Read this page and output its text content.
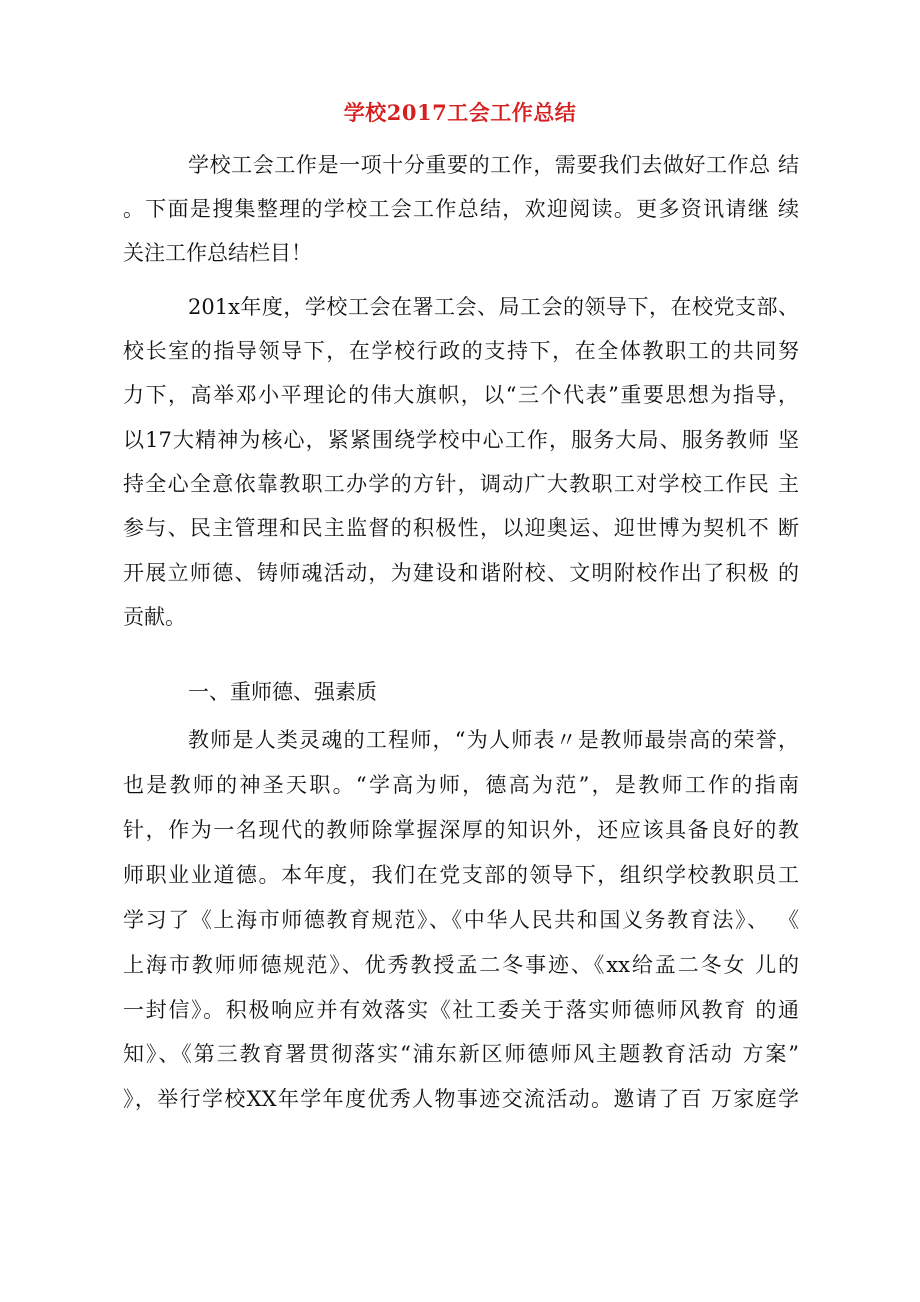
学校2017工会工作总结
学校工会工作是一项十分重要的工作，需要我们去做好工作总 结
。下面是搜集整理的学校工会工作总结，欢迎阅读。更多资讯请继 续
关注工作总结栏目！
201x年度，学校工会在署工会、局工会的领导下，在校党支部、
校长室的指导领导下，在学校行政的支持下，在全体教职工的共同努
力下，高举邓小平理论的伟大旗帜，以“三个代表”重要思想为指导，
以17大精神为核心，紧紧围绕学校中心工作，服务大局、服务教师 坚
持全心全意依靠教职工办学的方针，调动广大教职工对学校工作民 主
参与、民主管理和民主监督的积极性，以迎奥运、迎世博为契机不 断
开展立师德、铸师魂活动，为建设和谐附校、文明附校作出了积极 的
贡献。
一、重师德、强素质
教师是人类灵魂的工程师，“为人师表〃是教师最崇高的荣誉，
也是教师的神圣天职。“学高为师，德高为范”，是教师工作的指南
针，作为一名现代的教师除掌握深厚的知识外，还应该具备良好的教
师职业业道德。本年度，我们在党支部的领导下，组织学校教职员工
学习了《上海市师德教育规范》、《中华人民共和国义务教育法》、 《
上海市教师师德规范》、优秀教授孟二冬事迹、《xx给孟二冬女 儿的
一封信》。积极响应并有效落实《社工委关于落实师德师风教育 的通
知》、《第三教育署贯彻落实“浦东新区师德师风主题教育活动 方案”
》，举行学校XX年学年度优秀人物事迹交流活动。邀请了百 万家庭学
